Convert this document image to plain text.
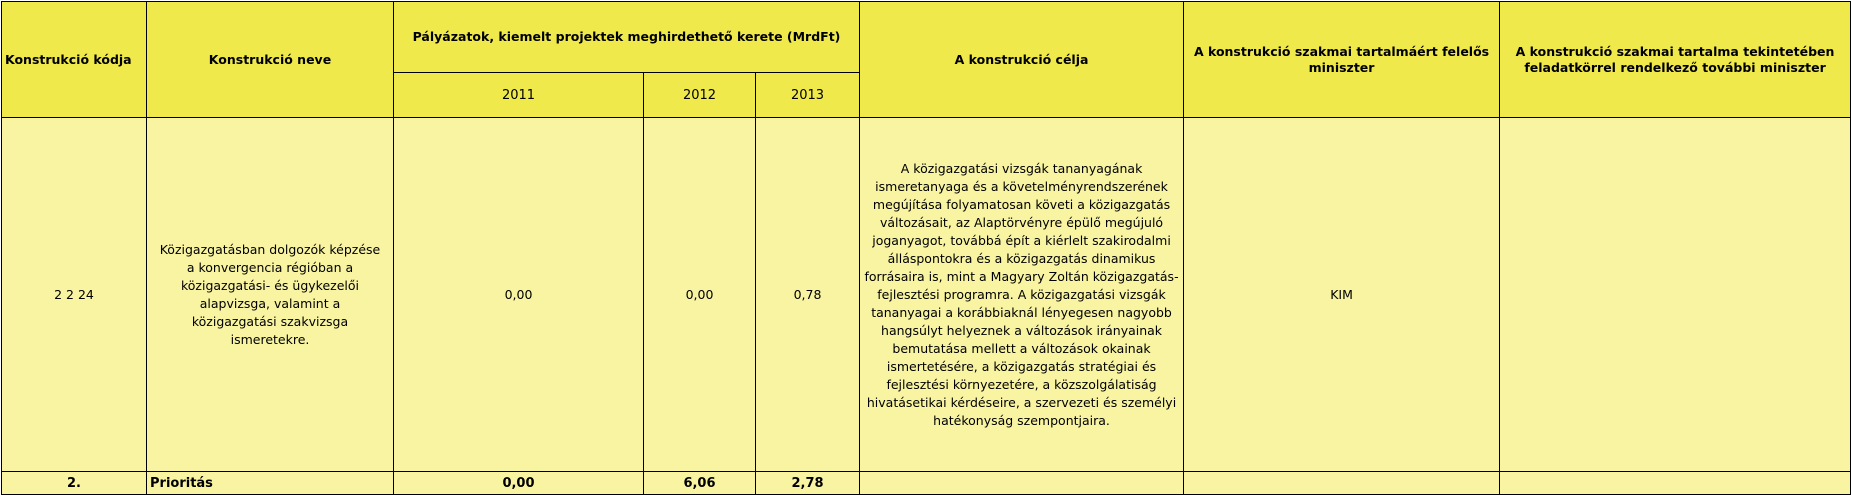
Konstrukció kódja	Konstrukció neve	Pályázatok, kiemelt projektek meghirdethető kerete (MrdFt)			A konstrukció célja	A konstrukció szakmai tartalmáért felelős miniszter	A konstrukció szakmai tartalma tekintetében feladatkörrel rendelkező további miniszter
		2011	2012	2013			
2 2 24	Közigazgatásban dolgozók képzése a konvergencia régióban a közigazgatási- és ügykezelői alapvizsga, valamint a közigazgatási szakvizsga ismeretekre.	0,00	0,00	0,78	A közigazgatási vizsgák tananyagának ismeretanyaga és a követelményrendszerének megújítása folyamatosan követi a közigazgatás változásait, az Alaptörvényre épülő megújuló joganyagot, továbbá épít a kiérlelt szakirodalmi álláspontokra és a közigazgatás dinamikus forrásaira is, mint a Magyary Zoltán közigazgatás-fejlesztési programra. A közigazgatási vizsgák tananyagai a korábbiaknál lényegesen nagyobb hangsúlyt helyeznek a változások irányainak bemutatása mellett a változások okainak ismertetésére, a közigazgatás stratégiai és fejlesztési környezetére, a közszolgálatiság hivatásetikai kérdéseire, a szervezeti és személyi hatékonyság szempontjaira.	KIM	
2.	Prioritás	0,00	6,06	2,78			
